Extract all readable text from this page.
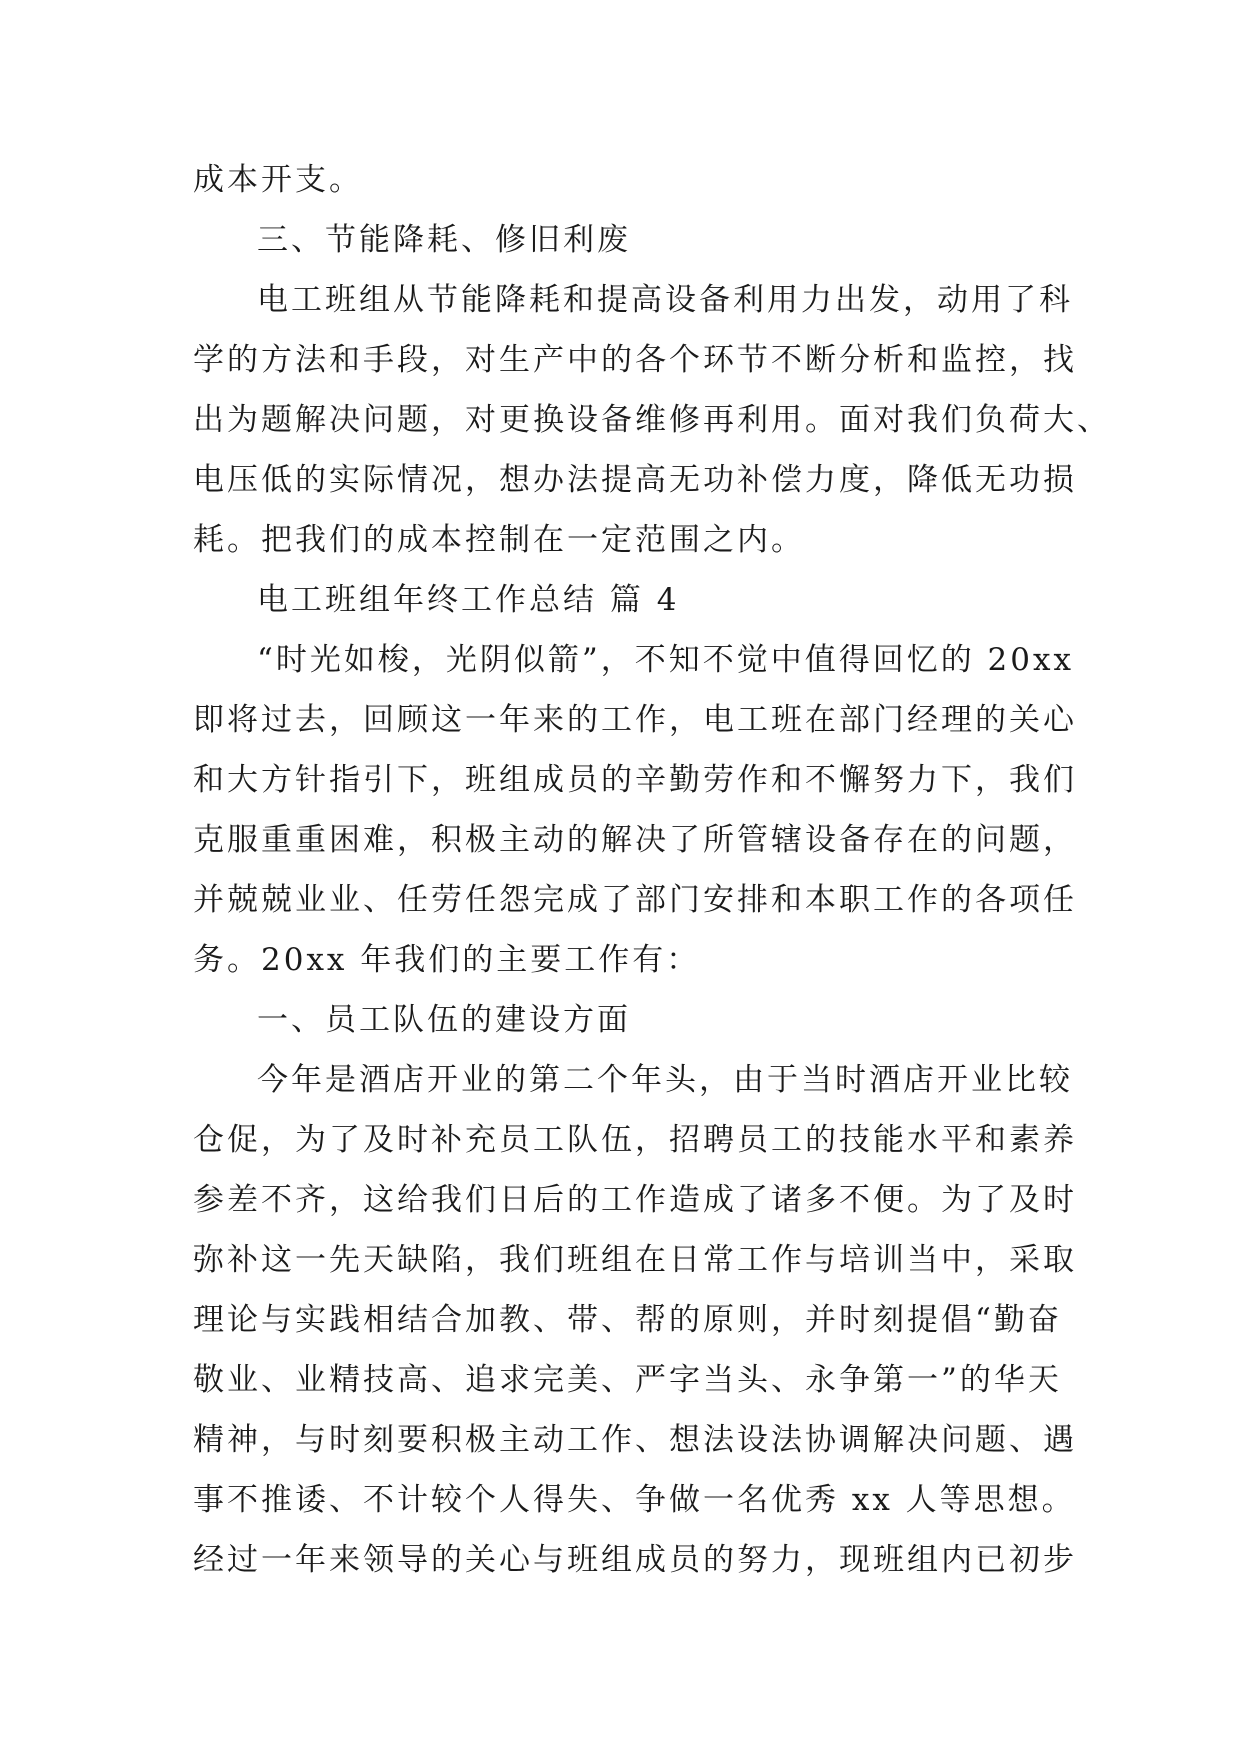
成本开支。
三、节能降耗、修旧利废
电工班组从节能降耗和提高设备利用力出发，动用了科
学的方法和手段，对生产中的各个环节不断分析和监控，找
出为题解决问题，对更换设备维修再利用。面对我们负荷大、
电压低的实际情况，想办法提高无功补偿力度，降低无功损
耗。把我们的成本控制在一定范围之内。
电工班组年终工作总结 篇 4
“时光如梭，光阴似箭”，不知不觉中值得回忆的 20xx
即将过去，回顾这一年来的工作，电工班在部门经理的关心
和大方针指引下，班组成员的辛勤劳作和不懈努力下，我们
克服重重困难，积极主动的解决了所管辖设备存在的问题，
并兢兢业业、任劳任怨完成了部门安排和本职工作的各项任
务。20xx 年我们的主要工作有：
一、员工队伍的建设方面
今年是酒店开业的第二个年头，由于当时酒店开业比较
仓促，为了及时补充员工队伍，招聘员工的技能水平和素养
参差不齐，这给我们日后的工作造成了诸多不便。为了及时
弥补这一先天缺陷，我们班组在日常工作与培训当中，采取
理论与实践相结合加教、带、帮的原则，并时刻提倡“勤奋
敬业、业精技高、追求完美、严字当头、永争第一”的华天
精神，与时刻要积极主动工作、想法设法协调解决问题、遇
事不推诿、不计较个人得失、争做一名优秀 xx 人等思想。
经过一年来领导的关心与班组成员的努力，现班组内已初步
